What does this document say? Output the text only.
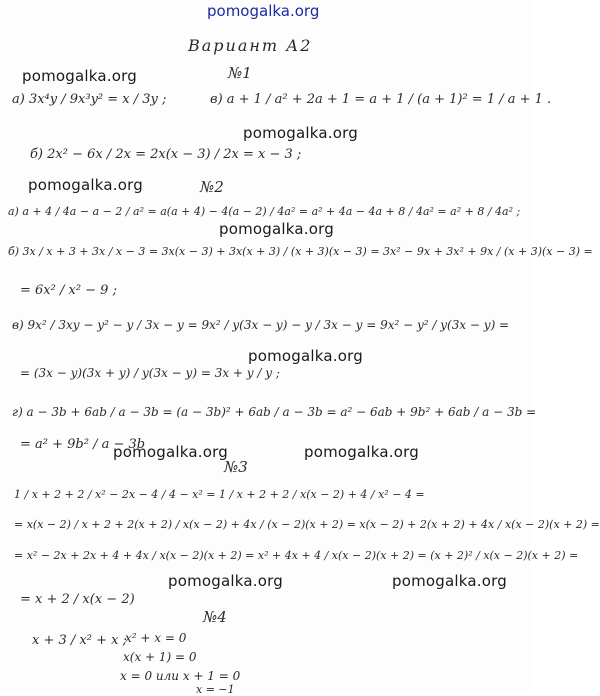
pomogalka.org
Вариант А2
pomogalka.org	№1
а) 3x⁴y / 9x³y² = x / 3y ;
pomogalka.org
б) 2x² − 6x / 2x = 2x(x − 3) / 2x = x − 3 ;
в) a + 1 / a² + 2a + 1 = a + 1 / (a + 1)² = 1 / a + 1 .
pomogalka.org	№2
а) a + 4 / 4a − a − 2 / a² = a(a + 4) − 4(a − 2) / 4a² = a² + 4a − 4a + 8 / 4a² = a² + 8 / 4a² ;
pomogalka.org
б) 3x / x + 3 + 3x / x − 3 = 3x(x − 3) + 3x(x + 3) / (x + 3)(x − 3) = 3x² − 9x + 3x² + 9x / (x + 3)(x − 3) =
= 6x² / x² − 9 ;
в) 9x² / 3xy − y² − y / 3x − y = 9x² / y(3x − y) − y / 3x − y = 9x² − y² / y(3x − y) =
pomogalka.org
= (3x − y)(3x + y) / y(3x − y) = 3x + y / y ;
г) a − 3b + 6ab / a − 3b = (a − 3b)² + 6ab / a − 3b = a² − 6ab + 9b² + 6ab / a − 3b =
= a² + 9b² / a − 3b
pomogalka.org	pomogalka.org
№3
1 / x + 2 + 2 / x² − 2x − 4 / 4 − x² = 1 / x + 2 + 2 / x(x − 2) + 4 / x² − 4 =
= x(x − 2) / x + 2 + 2(x + 2) / x(x − 2) + 4x / (x − 2)(x + 2) = x(x − 2) + 2(x + 2) + 4x / x(x − 2)(x + 2) =
= x² − 2x + 2x + 4 + 4x / x(x − 2)(x + 2) = x² + 4x + 4 / x(x − 2)(x + 2) = (x + 2)² / x(x − 2)(x + 2) =
pomogalka.org	pomogalka.org
= x + 2 / x(x − 2)
№4
x + 3 / x² + x ;
x² + x = 0
x(x + 1) = 0
x = 0 или x + 1 = 0
x = −1
